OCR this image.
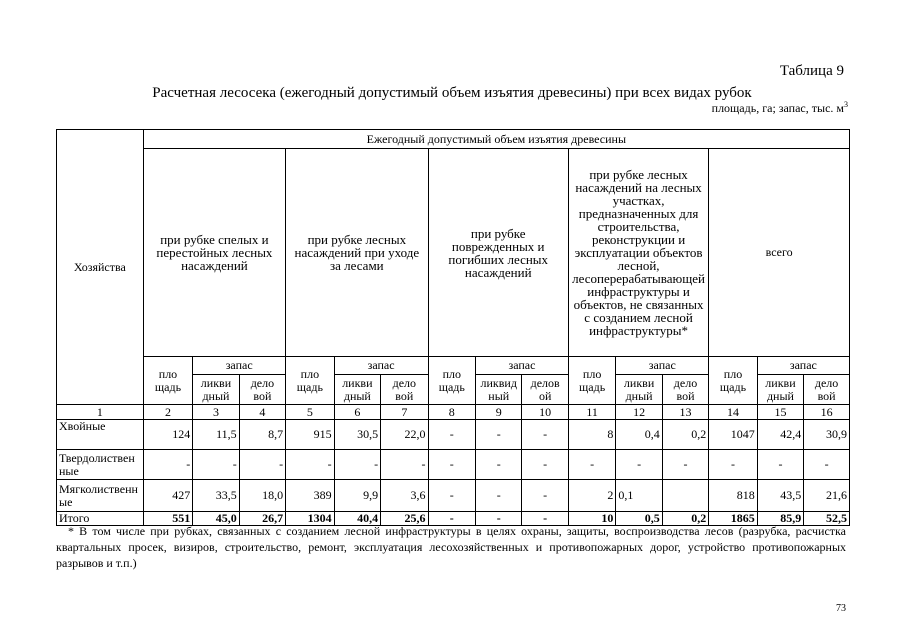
Таблица 9
Расчетная лесосека (ежегодный допустимый объем изъятия древесины) при всех видах рубок
площадь, га; запас, тыс. $м^3$
Хозяйства	Ежегодный допустимый объем изъятия древесины														
	при рубке спелых и перестойных лесных насаждений			при рубке лесных насаждений при уходе за лесами			при рубке поврежденных и погибших лесных насаждений			при рубке лесных насаждений на лесных участках, предназначенных для строительства, реконструкции и эксплуатации объектов лесной, лесоперерабатывающей инфраструктуры и объектов, не связанных с созданием лесной инфраструктуры*			всего		
	пло щадь	запас		пло щадь	запас		пло щадь	запас		пло щадь	запас		пло щадь	запас	
		ликви дный	дело вой		ликви дный	дело вой		ликвид ный	делов ой		ликви дный	дело вой		ликви дный	дело вой
1	2	3	4	5	6	7	8	9	10	11	12	13	14	15	16
Хвойные	124	11,5	8,7	915	30,5	22,0	-	-	-	8	0,4	0,2	1047	42,4	30,9
Твердолиственные	-	-	-	-	-	-	-	-	-	-	-	-	-	-	-
Мягколиственные	427	33,5	18,0	389	9,9	3,6	-	-	-	2	0,1		818	43,5	21,6
Итого	551	45,0	26,7	1304	40,4	25,6	-	-	-	10	0,5	0,2	1865	85,9	52,5
* В том числе при рубках, связанных с созданием лесной инфраструктуры в целях охраны, защиты, воспроизводства лесов (разрубка, расчистка квартальных просек, визиров, строительство, ремонт, эксплуатация лесохозяйственных и противопожарных дорог, устройство противопожарных разрывов и т.п.)
73
